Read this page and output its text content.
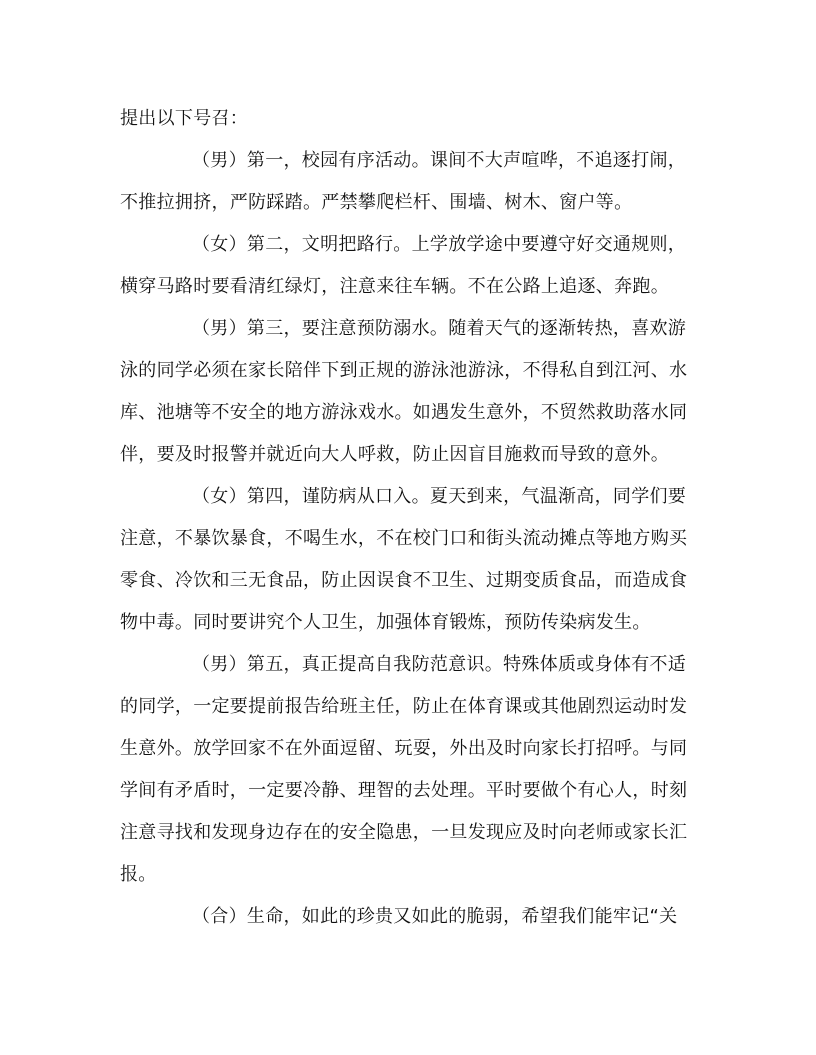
提出以下号召：
（男）第一，校园有序活动。课间不大声喧哗，不追逐打闹，
不推拉拥挤，严防踩踏。严禁攀爬栏杆、围墙、树木、窗户等。
（女）第二，文明把路行。上学放学途中要遵守好交通规则，
横穿马路时要看清红绿灯，注意来往车辆。不在公路上追逐、奔跑。
（男）第三，要注意预防溺水。随着天气的逐渐转热，喜欢游
泳的同学必须在家长陪伴下到正规的游泳池游泳，不得私自到江河、水
库、池塘等不安全的地方游泳戏水。如遇发生意外，不贸然救助落水同
伴，要及时报警并就近向大人呼救，防止因盲目施救而导致的意外。
（女）第四，谨防病从口入。夏天到来，气温渐高，同学们要
注意，不暴饮暴食，不喝生水，不在校门口和街头流动摊点等地方购买
零食、冷饮和三无食品，防止因误食不卫生、过期变质食品，而造成食
物中毒。同时要讲究个人卫生，加强体育锻炼，预防传染病发生。
（男）第五，真正提高自我防范意识。特殊体质或身体有不适
的同学，一定要提前报告给班主任，防止在体育课或其他剧烈运动时发
生意外。放学回家不在外面逗留、玩耍，外出及时向家长打招呼。与同
学间有矛盾时，一定要冷静、理智的去处理。平时要做个有心人，时刻
注意寻找和发现身边存在的安全隐患，一旦发现应及时向老师或家长汇
报。
（合）生命，如此的珍贵又如此的脆弱，希望我们能牢记“关
